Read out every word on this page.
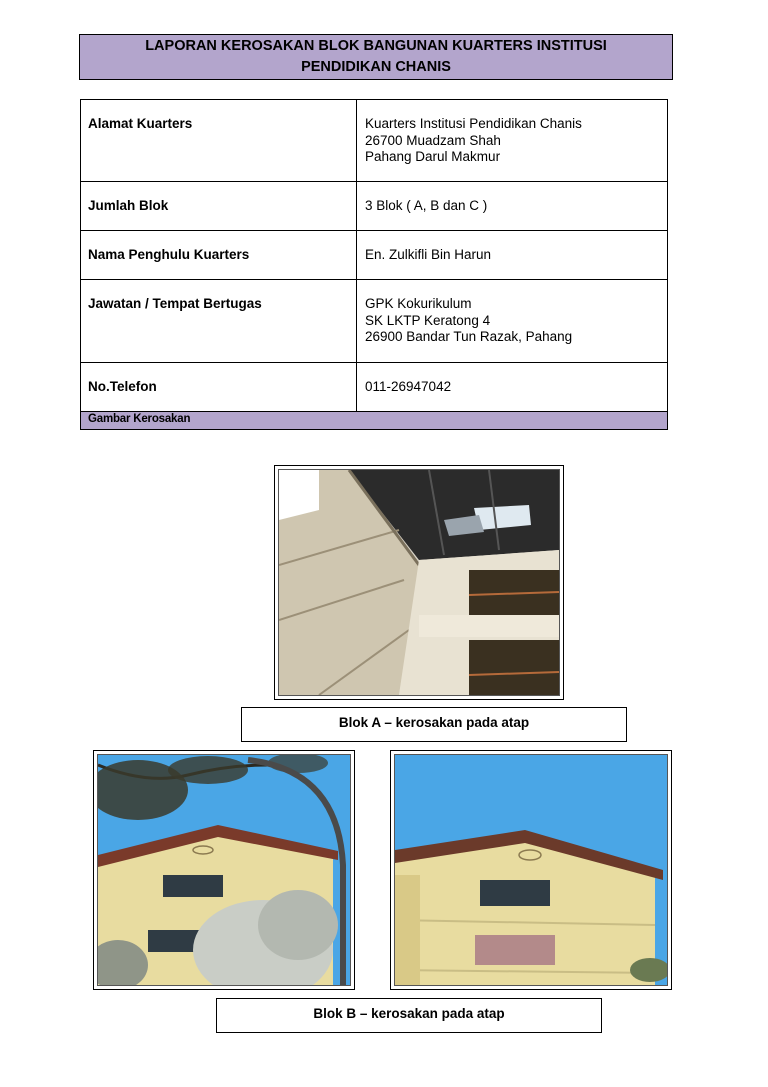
LAPORAN KEROSAKAN BLOK BANGUNAN KUARTERS INSTITUSI
PENDIDIKAN CHANIS
Alamat Kuarters	Kuarters Institusi Pendidikan Chanis
26700 Muadzam Shah
Pahang Darul Makmur

Jumlah Blok	3 Blok ( A, B dan C )
Nama Penghulu Kuarters	En. Zulkifli Bin Harun
Jawatan / Tempat Bertugas	GPK Kokurikulum
SK LKTP Keratong 4
26900 Bandar Tun Razak, Pahang

No.Telefon	011-26947042
Gambar Kerosakan	
Blok A – kerosakan pada atap
Blok B – kerosakan pada atap
